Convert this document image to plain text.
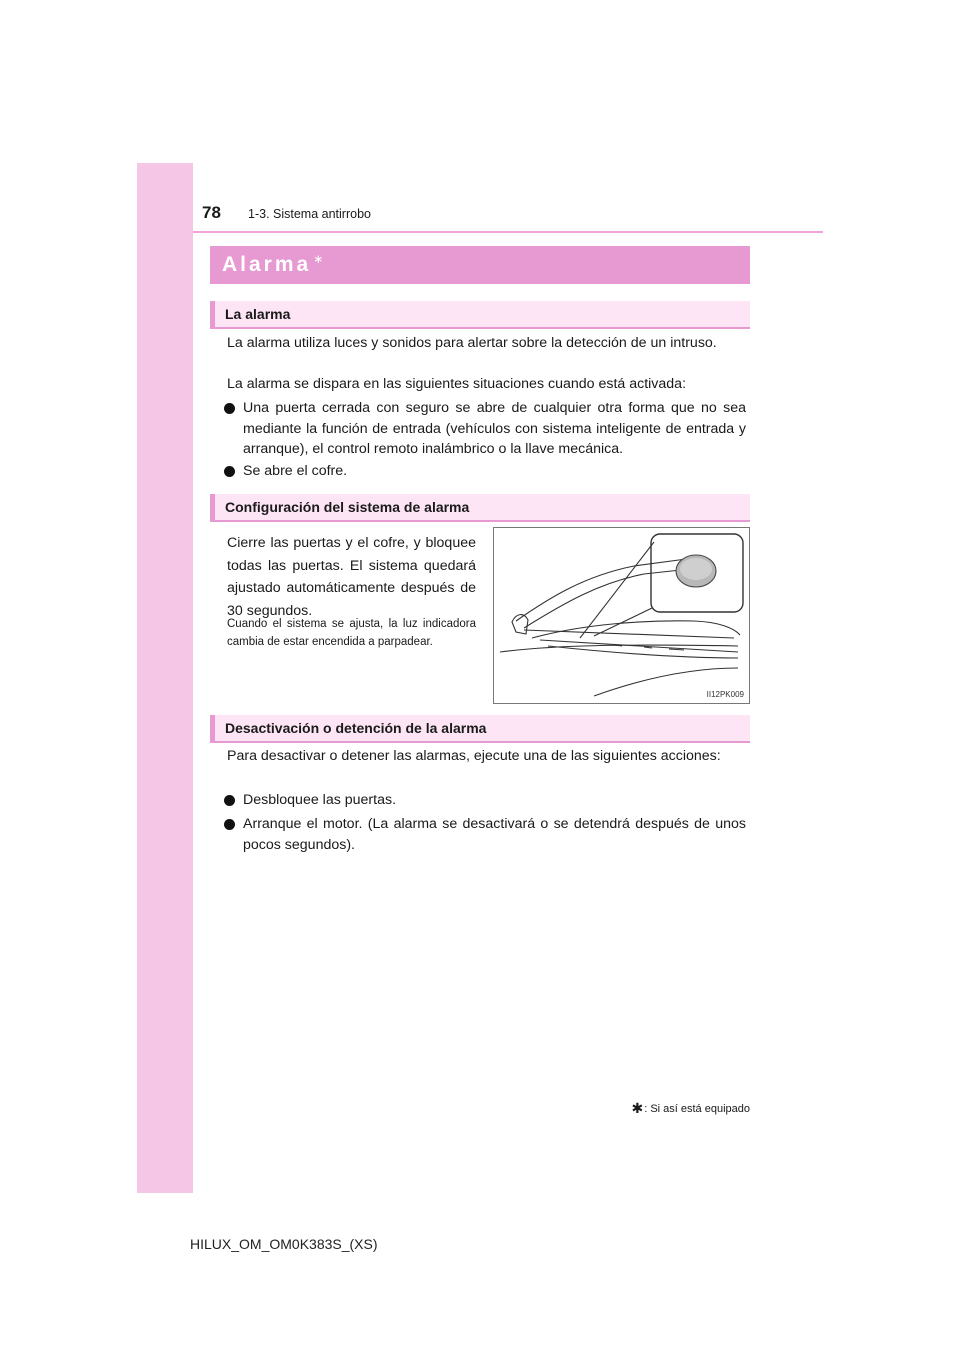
78 1-3. Sistema antirrobo
Alarma ∗
La alarma
La alarma utiliza luces y sonidos para alertar sobre la detección de un intruso.
La alarma se dispara en las siguientes situaciones cuando está activada:
Una puerta cerrada con seguro se abre de cualquier otra forma que no sea mediante la función de entrada (vehículos con sistema inteligente de entrada y arranque), el control remoto inalámbrico o la llave mecánica.
Se abre el cofre.
Configuración del sistema de alarma
Cierre las puertas y el cofre, y bloquee todas las puertas. El sistema quedará ajustado automáticamente después de 30 segundos.
Cuando el sistema se ajusta, la luz indicadora cambia de estar encendida a parpadear.
II12PK009
Desactivación o detención de la alarma
Para desactivar o detener las alarmas, ejecute una de las siguientes acciones:
Desbloquee las puertas.
Arranque el motor. (La alarma se desactivará o se detendrá después de unos pocos segundos).
✱ : Si así está equipado
HILUX_OM_OM0K383S_(XS)
